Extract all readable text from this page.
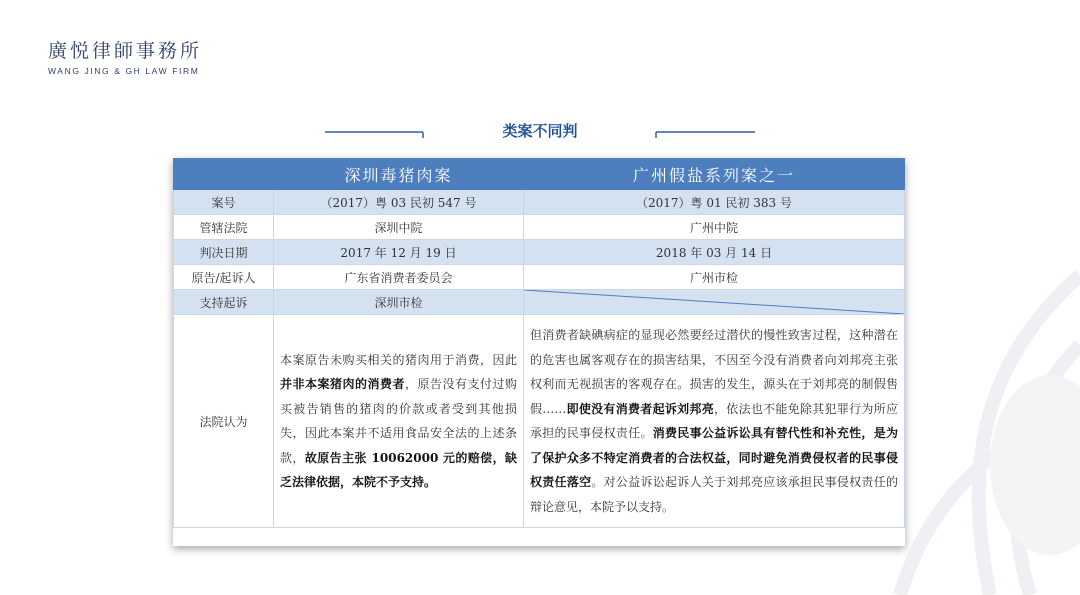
廣悦律師事務所
WANG JING & GH LAW FIRM
类案不同判
	深圳毒猪肉案	广州假盐系列案之一
案号	（2017）粤 03 民初 547 号	（2017）粤 01 民初 383 号
管辖法院	深圳中院	广州中院
判决日期	2017 年 12 月 19 日	2018 年 03 月 14 日
原告/起诉人	广东省消费者委员会	广州市检
支持起诉	深圳市检	

法院认为	本案原告未购买相关的猪肉用于消费，因此并非本案猪肉的消费者，原告没有支付过购买被告销售的猪肉的价款或者受到其他损失，因此本案并不适用食品安全法的上述条款，故原告主张 10062000 元的赔偿，缺乏法律依据，本院不予支持。	但消费者缺碘病症的显现必然要经过潜伏的慢性致害过程，这种潜在的危害也属客观存在的损害结果，不因至今没有消费者向刘邦亮主张权利而无视损害的客观存在。损害的发生，源头在于刘邦亮的制假售假……即使没有消费者起诉刘邦亮，依法也不能免除其犯罪行为所应承担的民事侵权责任。消费民事公益诉讼具有替代性和补充性，是为了保护众多不特定消费者的合法权益，同时避免消费侵权者的民事侵权责任落空。对公益诉讼起诉人关于刘邦亮应该承担民事侵权责任的辩论意见，本院予以支持。
